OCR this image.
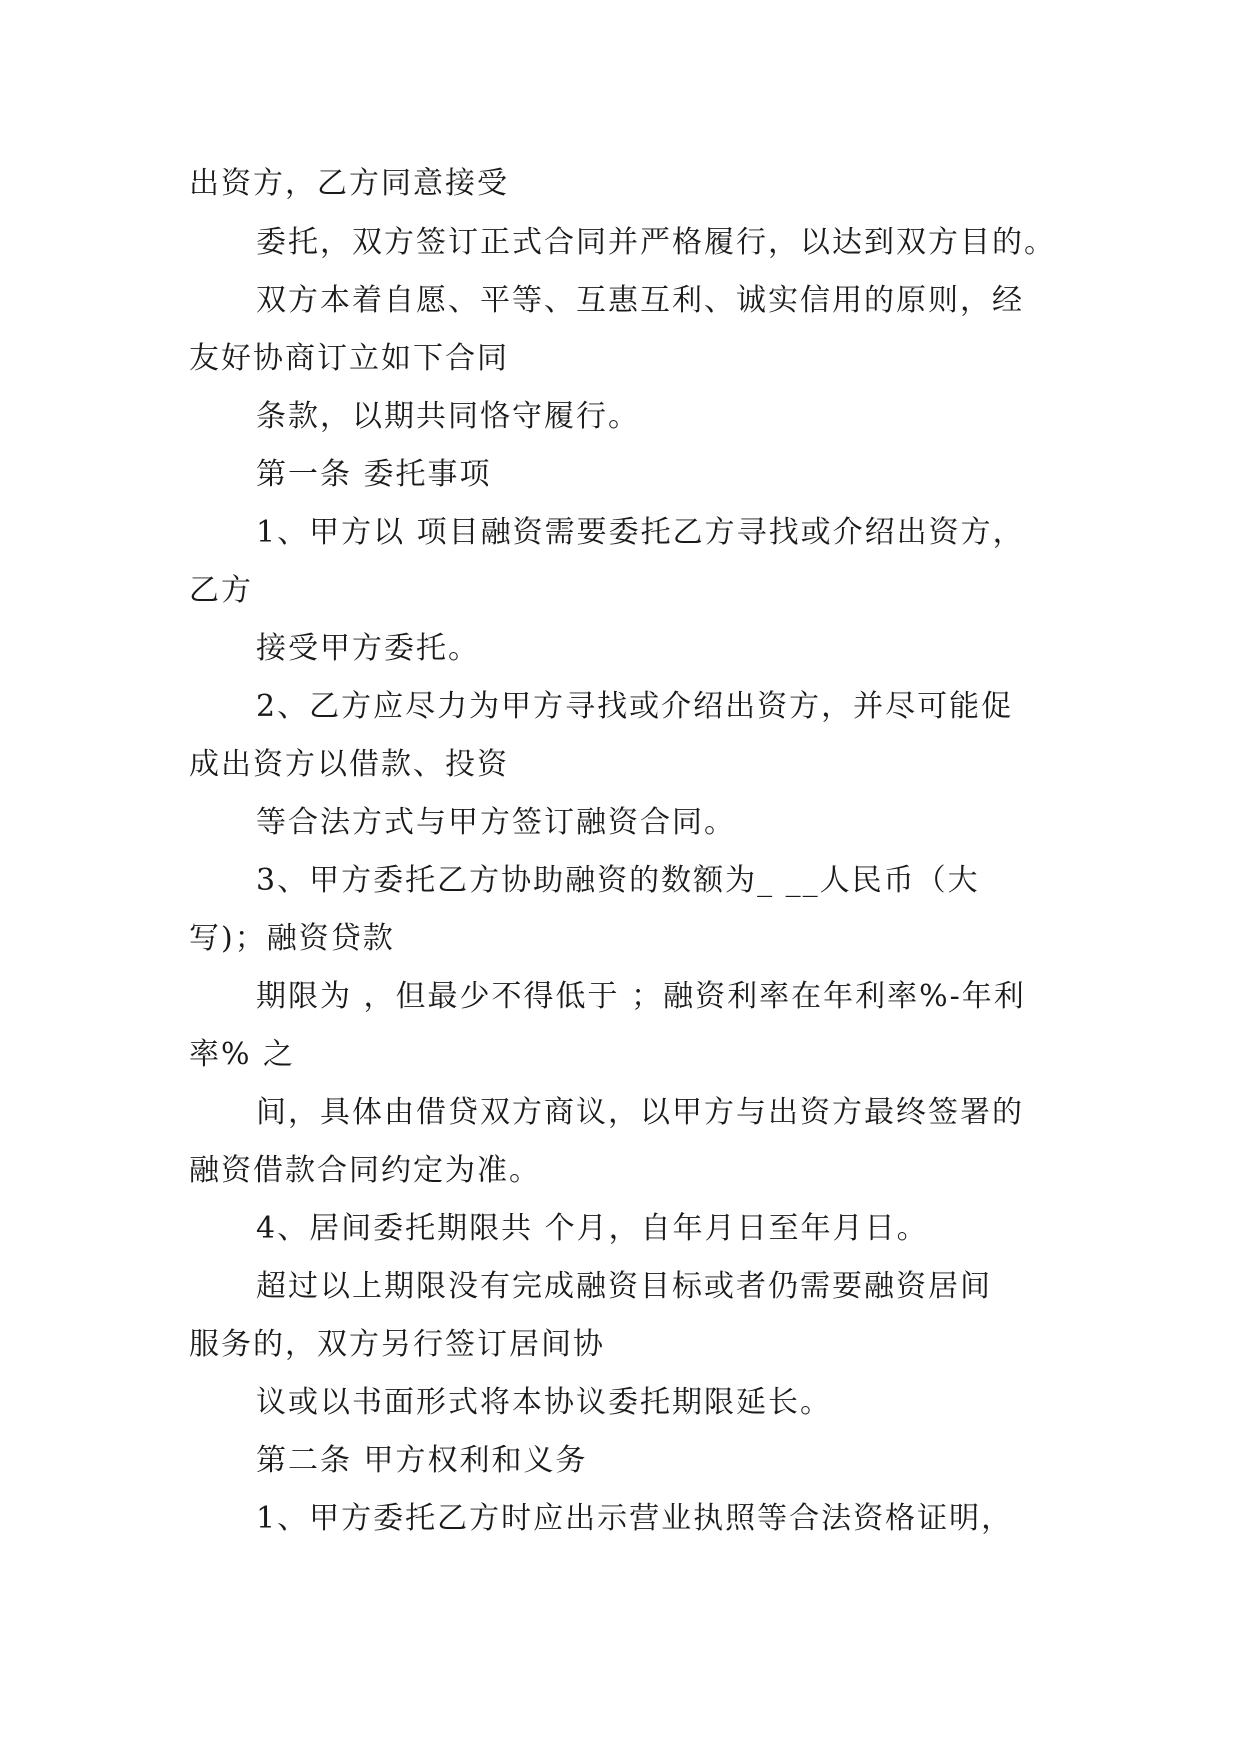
出资方，乙方同意接受
委托，双方签订正式合同并严格履行，以达到双方目的。
双方本着自愿、平等、互惠互利、诚实信用的原则，经
友好协商订立如下合同
条款，以期共同恪守履行。
第一条 委托事项
1、甲方以 项目融资需要委托乙方寻找或介绍出资方，
乙方
接受甲方委托。
2、乙方应尽力为甲方寻找或介绍出资方，并尽可能促
成出资方以借款、投资
等合法方式与甲方签订融资合同。
3、甲方委托乙方协助融资的数额为_ __人民币（大
写)；融资贷款
期限为 ，但最少不得低于 ；融资利率在年利率%-年利
率% 之
间，具体由借贷双方商议，以甲方与出资方最终签署的
融资借款合同约定为准。
4、居间委托期限共 个月，自年月日至年月日。
超过以上期限没有完成融资目标或者仍需要融资居间
服务的，双方另行签订居间协
议或以书面形式将本协议委托期限延长。
第二条 甲方权利和义务
1、甲方委托乙方时应出示营业执照等合法资格证明，
